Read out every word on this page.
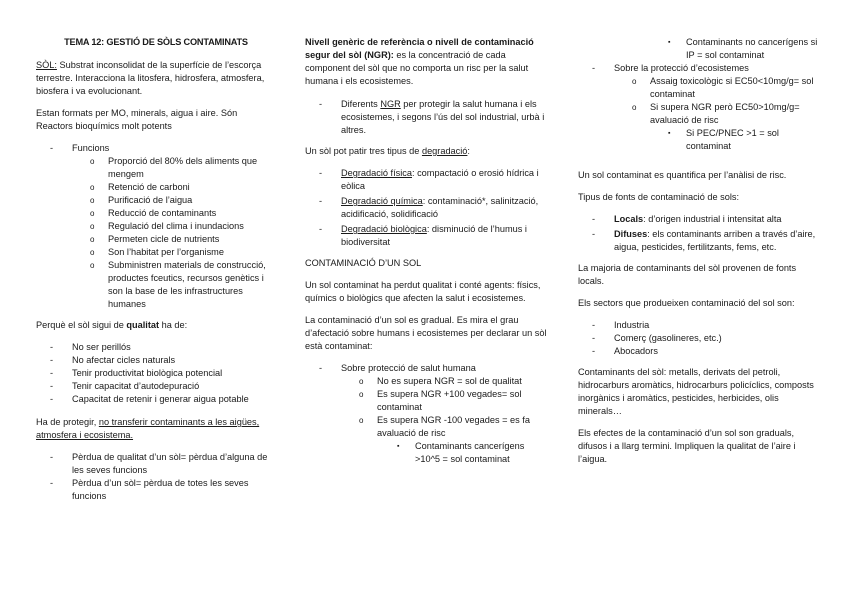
TEMA 12: GESTIÓ DE SÒLS CONTAMINATS

SÒL: Substrat inconsolidat de la superfície de l’escorça terrestre. Interacciona la litosfera, hidrosfera, atmosfera, biosfera i va evolucionant.

Estan formats per MO, minerals, aigua i aire. Són Reactors bioquímics molt potents

- Funcions
o Proporció del 80% dels aliments que mengem
o Retenció de carboni
o Purificació de l’aigua
o Reducció de contaminants
o Regulació del clima i inundacions
o Permeten cicle de nutrients
o Son l’habitat per l’organisme
o Subministren materials de construcció, productes fceutics, recursos genètics i son la base de les infrastructures humanes

Perquè el sòl sigui de qualitat ha de:

- No ser perillós
- No afectar cicles naturals
- Tenir productivitat biològica potencial
- Tenir capacitat d’autodepuració
- Capacitat de retenir i generar aigua potable

Ha de protegir, no transferir contaminants a les aigües, atmosfera i ecosistema.

- Pèrdua de qualitat d’un sòl= pèrdua d’alguna de les seves funcions
- Pèrdua d’un sòl= pèrdua de totes les seves funcions

Nivell genèric de referència o nivell de contaminació segur del sòl (NGR): es la concentració de cada component del sòl que no comporta un risc per la salut humana i els ecosistemes.

- Diferents NGR per protegir la salut humana i els ecosistemes, i segons l’ús del sol industrial, urbà i altres.

Un sòl pot patir tres tipus de degradació:

- Degradació física: compactació o erosió hídrica i eòlica
- Degradació química: contaminació*, salinització, acidificació, solidificació
- Degradació biològica: disminució de l’humus i biodiversitat

CONTAMINACIÓ D’UN SOL

Un sol contaminat ha perdut qualitat i conté agents: físics, químics o biològics que afecten la salut i ecosistemes.

La contaminació d’un sol es gradual. Es mira el grau d’afectació sobre humans i ecosistemes per declarar un sòl està contaminat:

- Sobre protecció de salut humana
o No es supera NGR = sol de qualitat
o Es supera NGR +100 vegades= sol contaminat
o Es supera NGR -100 vegades = es fa avaluació de risc
▪ Contaminants cancerígens >10^5 = sol contaminat
▪ Contaminants no cancerígens si IP = sol contaminat
- Sobre la protecció d’ecosistemes
o Assaig toxicològic si EC50<10mg/g= sol contaminat
o Si supera NGR però EC50>10mg/g= avaluació de risc
▪ Si PEC/PNEC >1 = sol contaminat

Un sol contaminat es quantifica per l’anàlisi de risc.

Tipus de fonts de contaminació de sols:

- Locals: d’origen industrial i intensitat alta
- Difuses: els contaminants arriben a través d’aire, aigua, pesticides, fertilitzants, fems, etc.

La majoria de contaminants del sòl provenen de fonts locals.

Els sectors que produeixen contaminació del sol son:

- Industria
- Comerç (gasolineres, etc.)
- Abocadors

Contaminants del sòl: metalls, derivats del petroli, hidrocarburs aromàtics, hidrocarburs policíclics, composts inorgànics i aromàtics, pesticides, herbicides, olis minerals…

Els efectes de la contaminació d’un sol son graduals, difusos i a llarg termini. Impliquen la qualitat de l’aire i l’aigua.
